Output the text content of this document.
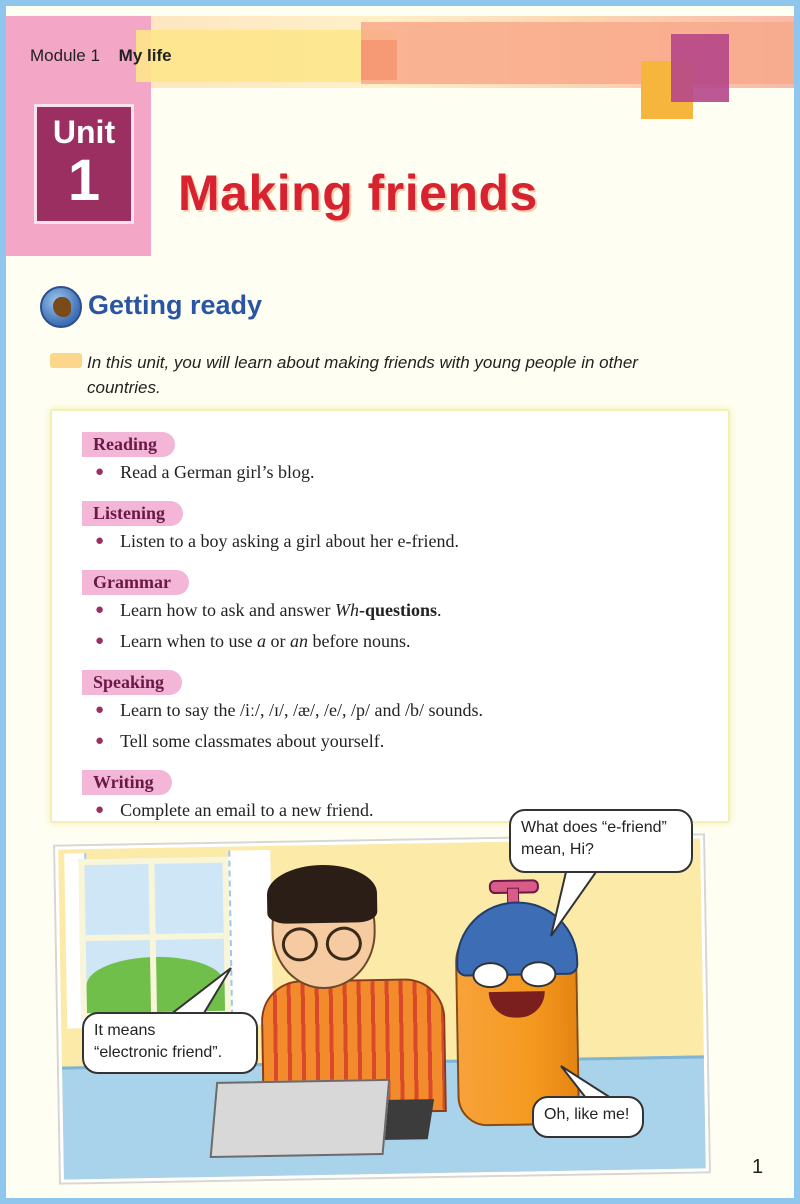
Module 1 My life
Unit
1	Making friends
Getting ready
In this unit, you will learn about making friends with young people in other countries.
Reading
● Read a German girl’s blog.
Listening
● Listen to a boy asking a girl about her e-friend.
Grammar
● Learn how to ask and answer Wh-questions.
● Learn when to use a or an before nouns.
Speaking
● Learn to say the /iː/, /ɪ/, /æ/, /e/, /p/ and /b/ sounds.
● Tell some classmates about yourself.
Writing
● Complete an email to a new friend.
What does “e-friend” mean, Hi?
It means
“electronic friend”.
Oh, like me!
1
